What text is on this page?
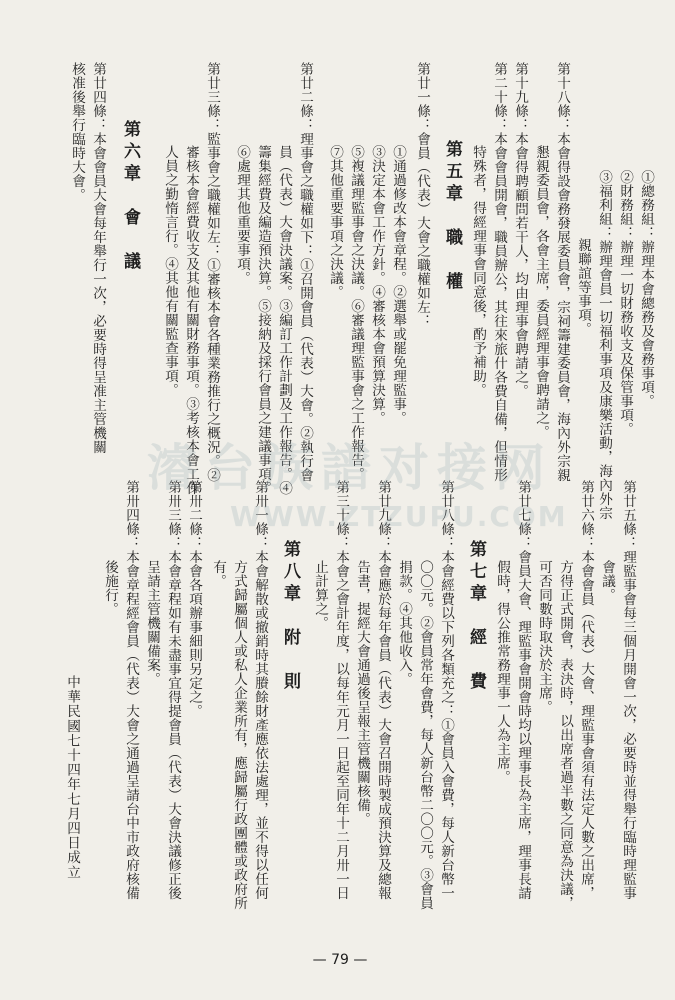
①總務組：辦理本會總務及會務事項。
②財務組：辦理一切財務收支及保管事項。
③福利組：辦理會員一切福利事項及康樂活動，海內外宗
親聯誼等事項。
第十八條：本會得設會務發展委員會，宗祠籌建委員會，海內外宗親
懇親委員會，各會主席，委員經理事會聘請之。
第十九條：本會得聘顧問若干人，均由理事會聘請之。
第二十條：本會會員開會，職員辦公，其往來旅什各費自備，但情形
特殊者，得經理事會同意後，酌予補助。
第五章　職　權
第廿一條：會員（代表）大會之職權如左：
①通過修改本會章程。②選舉或罷免理監事。
③決定本會工作方針。④審核本會預算決算。
⑤複議理監事會之決議。⑥審議理監事會之工作報告。
⑦其他重要事項之決議。
第廿二條：理事會之職權如下：①召開會員（代表）大會。②執行會
員（代表）大會決議案。③編訂工作計劃及工作報告。④
籌集經費及編造預決算。⑤接納及採行會員之建議事項。
⑥處理其他重要事項。
第廿三條：監事會之職權如左：①審核本會各種業務推行之概況。②
審核本會經費收支及其他有關財務事項。③考核本會工作
人員之勤惰言行。④其他有關監查事項。
第六章　會　議
第廿四條：本會會員大會每年舉行一次，必要時得呈准主管機關
核准後舉行臨時大會。
第廿五條：理監事會每三個月開會一次，必要時並得舉行臨時理監事
會議。
第廿六條：本會會員（代表）大會、理監事會須有法定人數之出席，
方得正式開會，表決時，以出席者過半數之同意為決議，
可否同數時取決於主席。
第廿七條：會員大會、理監事會開會時均以理事長為主席，理事長請
假時，得公推常務理事一人為主席。
第七章　經　費
第廿八條：本會經費以下列各類充之：①會員入會費，每人新台幣一
〇〇元。②會員常年會費，每人新台幣二〇〇元。③會員
捐款。④其他收入。
第廿九條：本會應於每年會員（代表）大會召開時製成預決算及總報
告書，提經大會通過後呈報主管機關核備。
第三十條：本會之會計年度，以每年元月一日起至同年十二月卅一日
止計算之。
第八章　附　則
第卅一條：本會解散或撤銷時其賸餘財產應依法處理，並不得以任何
方式歸屬個人或私人企業所有，應歸屬行政團體或政府所
有。
第卅二條：本會各項辦事細則另定之。
第卅三條：本會章程如有未盡事宜得提會員（代表）大會決議修正後
呈請主管機關備案。
第卅四條：本會章程經會員（代表）大會之通過呈請台中市政府核備
後施行。
中華民國七十四年七月四日成立
濬台族譜对接网
WWW.ZTZUPU.COM
— 79 —
